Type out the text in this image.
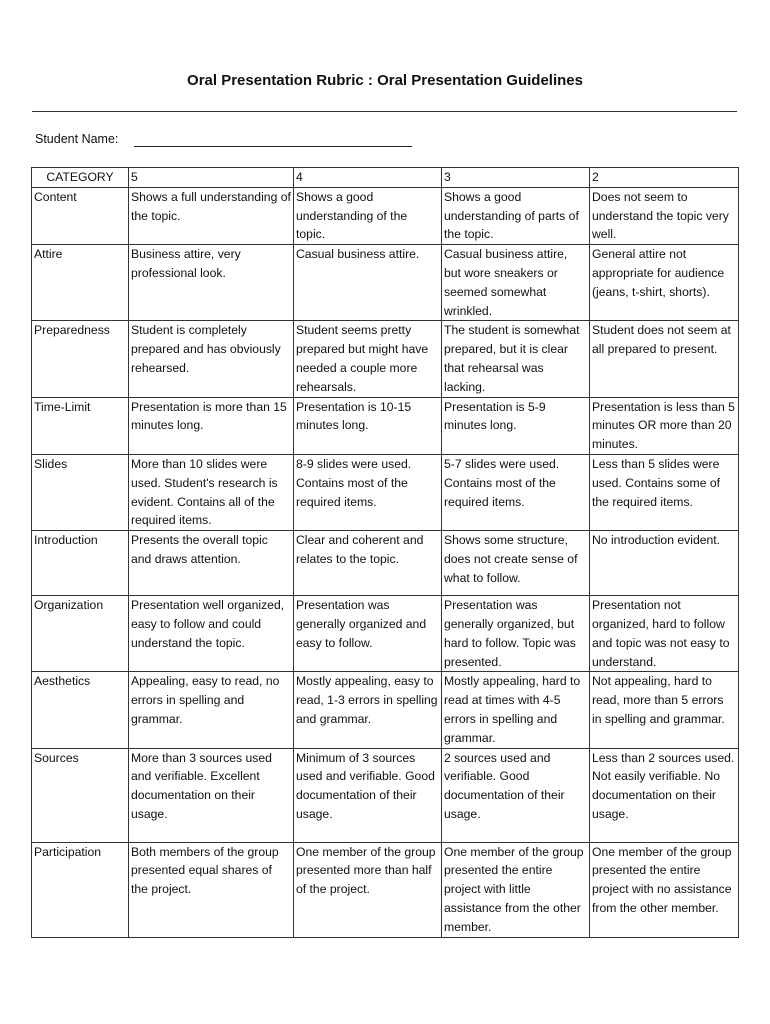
Oral Presentation Rubric : Oral Presentation Guidelines
Student Name:
CATEGORY	5	4	3	2
Content	Shows a full understanding of the topic.	Shows a good understanding of the topic.	Shows a good understanding of parts of the topic.	Does not seem to understand the topic very well.
Attire	Business attire, very professional look.	Casual business attire.	Casual business attire, but wore sneakers or seemed somewhat wrinkled.	General attire not appropriate for audience (jeans, t-shirt, shorts).
Preparedness	Student is completely prepared and has obviously rehearsed.	Student seems pretty prepared but might have needed a couple more rehearsals.	The student is somewhat prepared, but it is clear that rehearsal was lacking.	Student does not seem at all prepared to present.
Time-Limit	Presentation is more than 15 minutes long.	Presentation is 10-15 minutes long.	Presentation is 5-9 minutes long.	Presentation is less than 5 minutes OR more than 20 minutes.
Slides	More than 10 slides were used. Student's research is evident. Contains all of the required items.	8-9 slides were used. Contains most of the required items.	5-7 slides were used. Contains most of the required items.	Less than 5 slides were used. Contains some of the required items.
Introduction	Presents the overall topic and draws attention.	Clear and coherent and relates to the topic.	Shows some structure, does not create sense of what to follow.	No introduction evident.
Organization	Presentation well organized, easy to follow and could understand the topic.	Presentation was generally organized and easy to follow.	Presentation was generally organized, but hard to follow. Topic was presented.	Presentation not organized, hard to follow and topic was not easy to understand.
Aesthetics	Appealing, easy to read, no errors in spelling and grammar.	Mostly appealing, easy to read, 1-3 errors in spelling and grammar.	Mostly appealing, hard to read at times with 4-5 errors in spelling and grammar.	Not appealing, hard to read, more than 5 errors in spelling and grammar.
Sources	More than 3 sources used and verifiable. Excellent documentation on their usage.	Minimum of 3 sources used and verifiable. Good documentation of their usage.	2 sources used and verifiable. Good documentation of their usage.	Less than 2 sources used. Not easily verifiable. No documentation on their usage.
Participation	Both members of the group presented equal shares of the project.	One member of the group presented more than half of the project.	One member of the group presented the entire project with little assistance from the other member.	One member of the group presented the entire project with no assistance from the other member.
